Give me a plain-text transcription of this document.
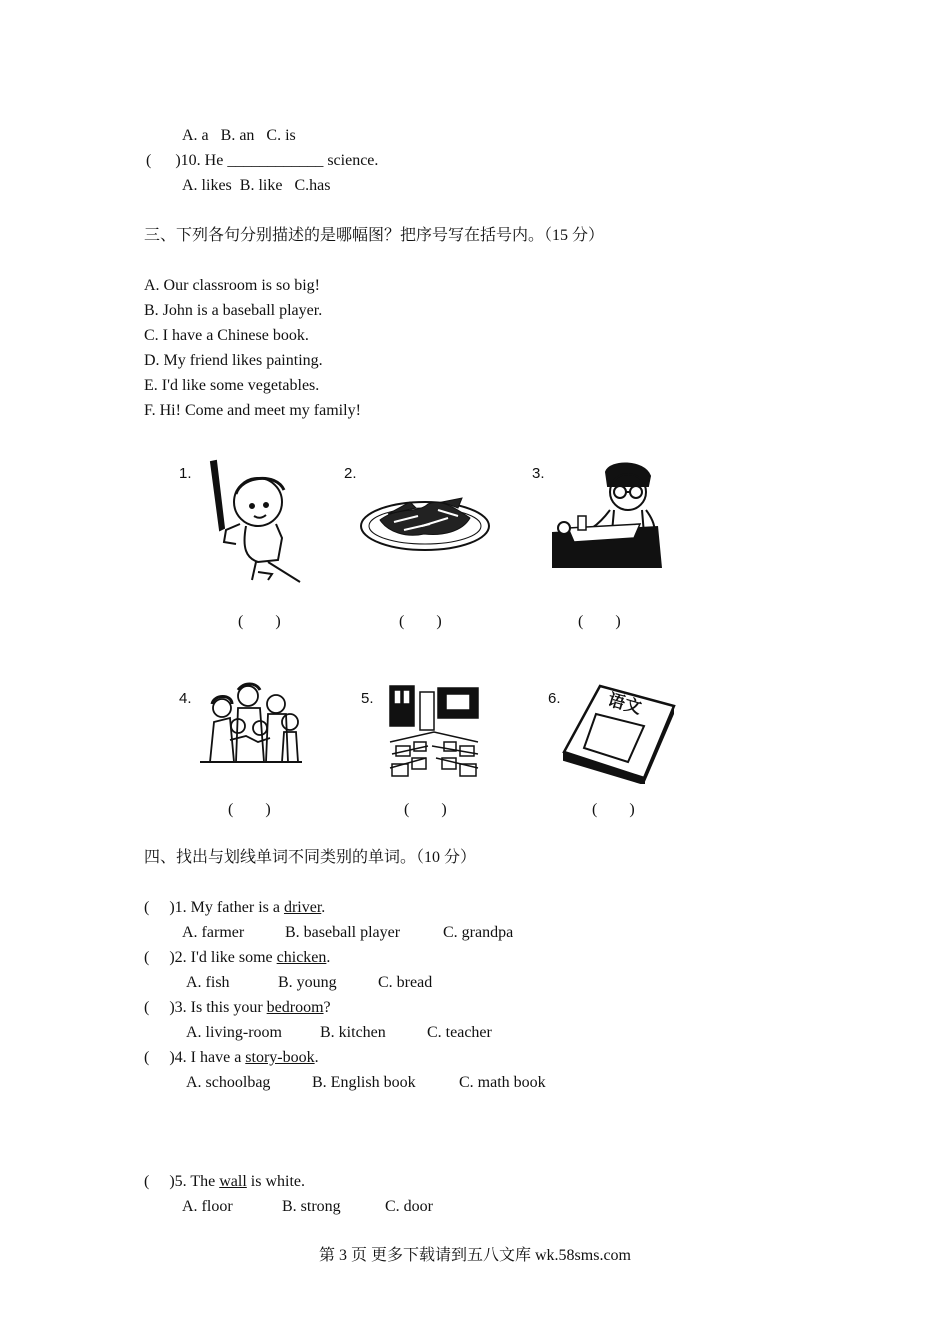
A. a   B. an   C. is
(      )10. He ____________ science.
A. likes  B. like   C.has
三、下列各句分别描述的是哪幅图？把序号写在括号内。（15 分）
A. Our classroom is so big!
B. John is a baseball player.
C. I have a Chinese book.
D. My friend likes painting.
E. I'd like some vegetables.
F. Hi! Come and meet my family!
1.
(        )
2.
(        )
3.
(        )
4.
(        )
5.
(        )
6.	语文
(        )
四、找出与划线单词不同类别的单词。（10 分）
(     )1. My father is a driver.
A. farmer	B. baseball player	C. grandpa
(     )2. I'd like some chicken.
A. fish	B. young	C. bread
(     )3. Is this your bedroom?
A. living-room B. kitchen	C. teacher
(     )4. I have a story-book.
A. schoolbag	B. English book	C. math book
(     )5. The wall is white.
A. floor	B. strong	C. door
第 3 页 更多下载请到五八文库 wk.58sms.com
